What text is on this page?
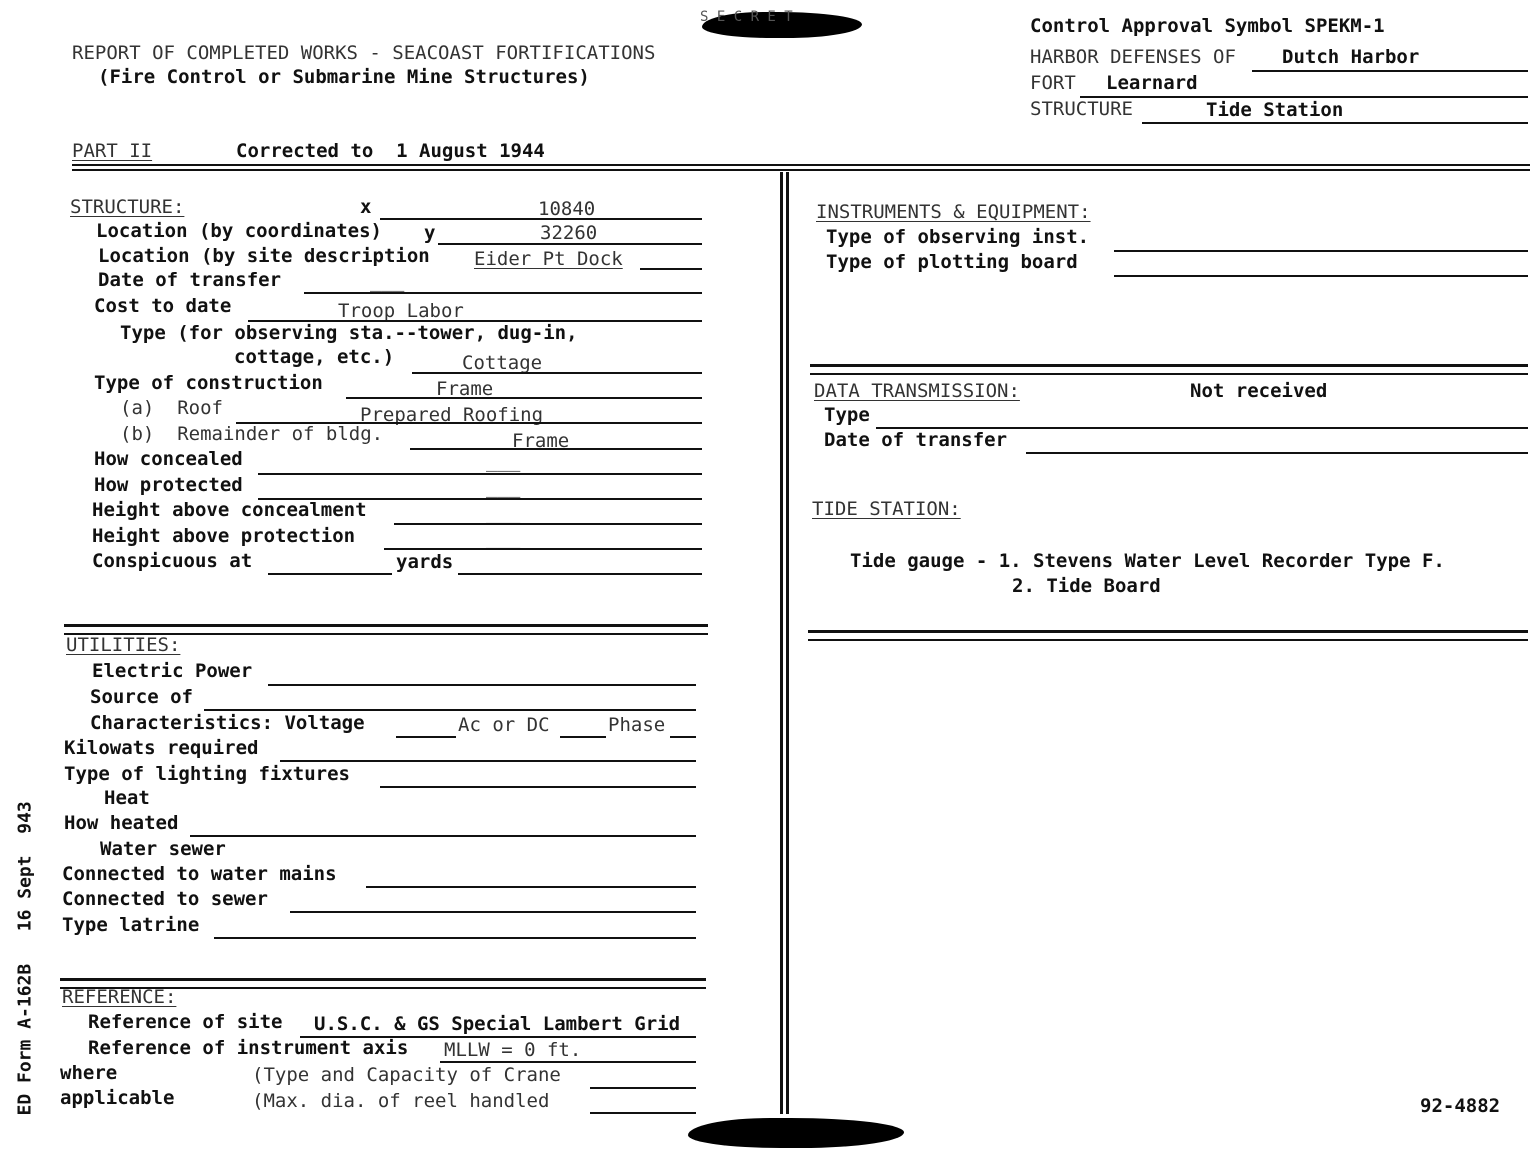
S E C R E T
REPORT OF COMPLETED WORKS - SEACOAST FORTIFICATIONS
(Fire Control or Submarine Mine Structures)
Control Approval Symbol SPEKM-1
HARBOR DEFENSES OF Dutch Harbor
FORT Learnard
STRUCTURE	Tide Station
PART II	Corrected to  1 August 1944
STRUCTURE:	x	10840
Location (by coordinates) y	32260
Location (by site description Eider Pt Dock
Date of transfer	___
Cost to date	Troop Labor
Type (for observing sta.--tower, dug-in,
cottage, etc.)	Cottage
Type of construction	Frame
(a)  Roof	Prepared Roofing
(b)  Remainder of bldg.	Frame
How concealed	___
How protected	___
Height above concealment	___
Height above protection	___
Conspicuous at	yards ___
UTILITIES:
Electric Power
Source of
Characteristics: Voltage	Ac or DC	Phase
Kilowats required
Type of lighting fixtures
Heat
How heated
Water sewer
Connected to water mains
Connected to sewer
Type latrine
REFERENCE:
Reference of site U.S.C. & GS Special Lambert Grid
Reference of instrument axis MLLW = 0 ft.
where	(Type and Capacity of Crane
applicable	(Max. dia. of reel handled
INSTRUMENTS & EQUIPMENT:
Type of observing inst.
Type of plotting board
DATA TRANSMISSION:	Not received
Type
Date of transfer
TIDE STATION:
Tide gauge - 1. Stevens Water Level Recorder Type F.
2. Tide Board
92-4882
ED Form A-162B   16 Sept  943
